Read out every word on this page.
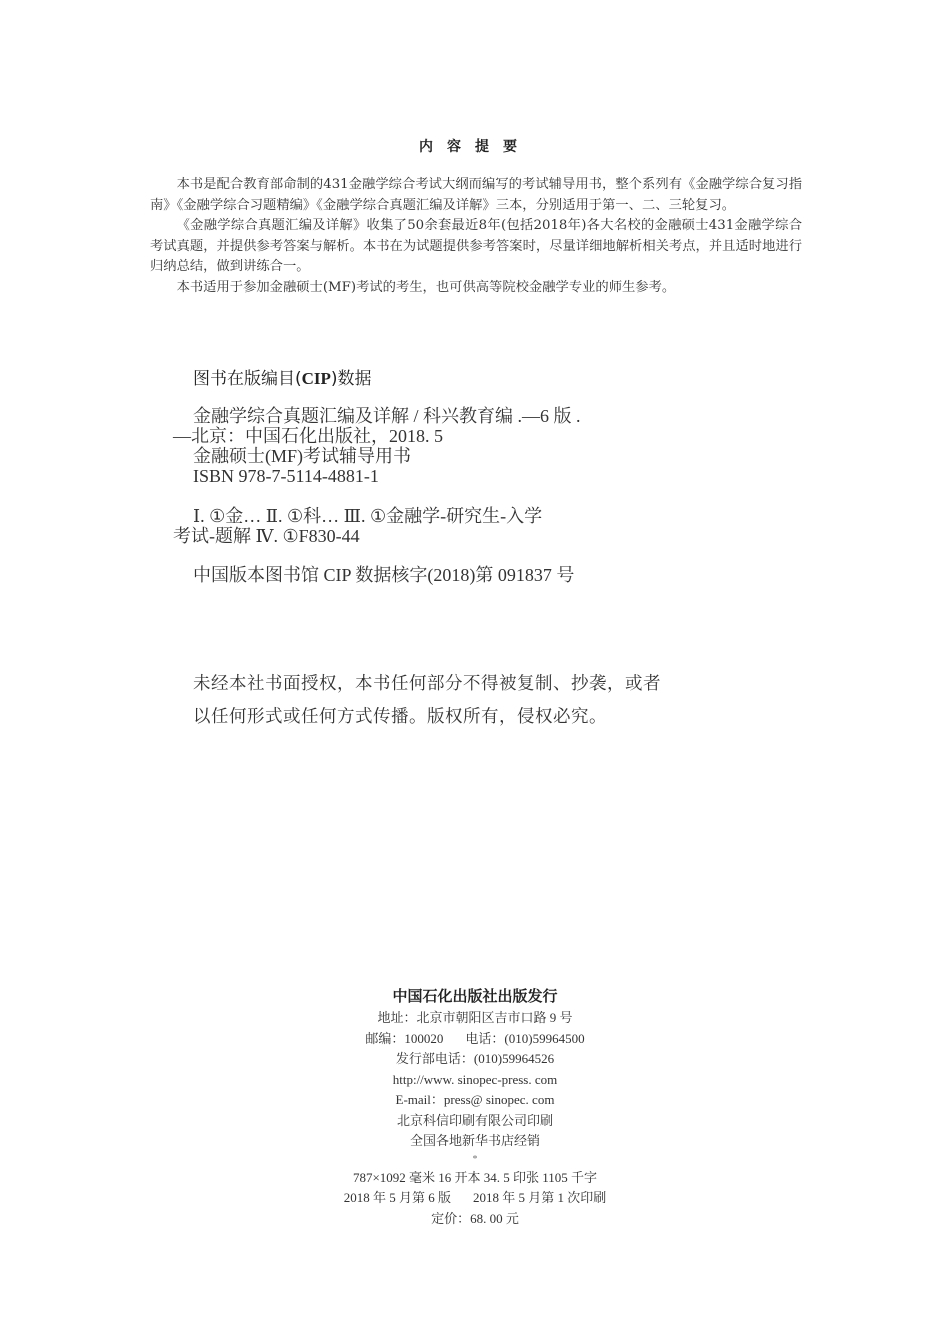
内容提要

本书是配合教育部命制的431金融学综合考试大纲而编写的考试辅导用书，整个系列有《金融学综合复习指南》《金融学综合习题精编》《金融学综合真题汇编及详解》三本，分别适用于第一、二、三轮复习。

《金融学综合真题汇编及详解》收集了50余套最近8年(包括2018年)各大名校的金融硕士431金融学综合考试真题，并提供参考答案与解析。本书在为试题提供参考答案时，尽量详细地解析相关考点，并且适时地进行归纳总结，做到讲练合一。

本书适用于参加金融硕士(MF)考试的考生，也可供高等院校金融学专业的师生参考。

图书在版编目(CIP)数据
金融学综合真题汇编及详解 / 科兴教育编 .—6 版 .
—北京：中国石化出版社，2018. 5
金融硕士(MF)考试辅导用书
ISBN 978-7-5114-4881-1
Ⅰ. ①金… Ⅱ. ①科… Ⅲ. ①金融学-研究生-入学
考试-题解 Ⅳ. ①F830-44
中国版本图书馆 CIP 数据核字(2018)第 091837 号
未经本社书面授权，本书任何部分不得被复制、抄袭，或者
以任何形式或任何方式传播。版权所有，侵权必究。
中国石化出版社出版发行
地址：北京市朝阳区吉市口路 9 号
邮编：100020 电话：(010)59964500
发行部电话：(010)59964526
http://www. sinopec-press. com
E-mail：press@ sinopec. com
北京科信印刷有限公司印刷
全国各地新华书店经销
*
787×1092 毫米 16 开本 34. 5 印张 1105 千字
2018 年 5 月第 6 版 2018 年 5 月第 1 次印刷
定价：68. 00 元
